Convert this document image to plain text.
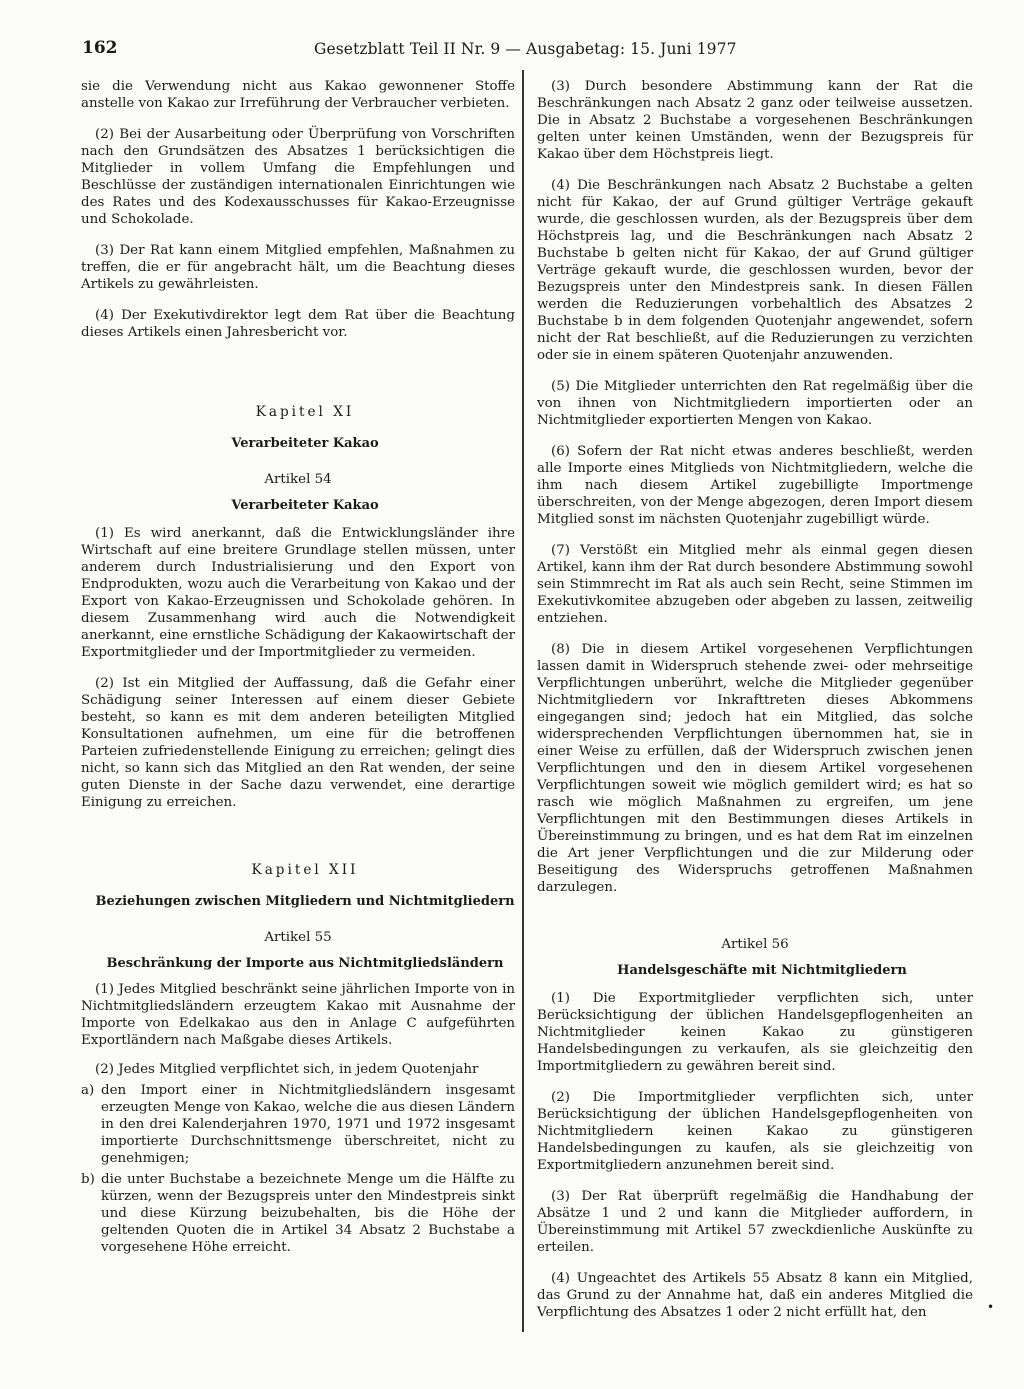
162	Gesetzblatt Teil II Nr. 9 — Ausgabetag: 15. Juni 1977

sie die Verwendung nicht aus Kakao gewonnener Stoffe anstelle von Kakao zur Irreführung der Verbraucher verbieten.

(2) Bei der Ausarbeitung oder Überprüfung von Vorschriften nach den Grundsätzen des Absatzes 1 berücksichtigen die Mitglieder in vollem Umfang die Empfehlungen und Beschlüsse der zuständigen internationalen Einrichtungen wie des Rates und des Kodexausschusses für Kakao-Erzeugnisse und Schokolade.

(3) Der Rat kann einem Mitglied empfehlen, Maßnahmen zu treffen, die er für angebracht hält, um die Beachtung dieses Artikels zu gewährleisten.

(4) Der Exekutivdirektor legt dem Rat über die Beachtung dieses Artikels einen Jahresbericht vor.

Kapitel XI

Verarbeiteter Kakao

Artikel 54

Verarbeiteter Kakao

(1) Es wird anerkannt, daß die Entwicklungsländer ihre Wirtschaft auf eine breitere Grundlage stellen müssen, unter anderem durch Industrialisierung und den Export von Endprodukten, wozu auch die Verarbeitung von Kakao und der Export von Kakao-Erzeugnissen und Schokolade gehören. In diesem Zusammenhang wird auch die Notwendigkeit anerkannt, eine ernstliche Schädigung der Kakaowirtschaft der Exportmitglieder und der Importmitglieder zu vermeiden.

(2) Ist ein Mitglied der Auffassung, daß die Gefahr einer Schädigung seiner Interessen auf einem dieser Gebiete besteht, so kann es mit dem anderen beteiligten Mitglied Konsultationen aufnehmen, um eine für die betroffenen Parteien zufriedenstellende Einigung zu erreichen; gelingt dies nicht, so kann sich das Mitglied an den Rat wenden, der seine guten Dienste in der Sache dazu verwendet, eine derartige Einigung zu erreichen.

Kapitel XII

Beziehungen zwischen Mitgliedern und Nichtmitgliedern

Artikel 55

Beschränkung der Importe aus Nichtmitgliedsländern

(1) Jedes Mitglied beschränkt seine jährlichen Importe von in Nichtmitgliedsländern erzeugtem Kakao mit Ausnahme der Importe von Edelkakao aus den in Anlage C aufgeführten Exportländern nach Maßgabe dieses Artikels.

(2) Jedes Mitglied verpflichtet sich, in jedem Quotenjahr

a) den Import einer in Nichtmitgliedsländern insgesamt erzeugten Menge von Kakao, welche die aus diesen Ländern in den drei Kalenderjahren 1970, 1971 und 1972 insgesamt importierte Durchschnittsmenge überschreitet, nicht zu genehmigen;
b) die unter Buchstabe a bezeichnete Menge um die Hälfte zu kürzen, wenn der Bezugspreis unter den Mindestpreis sinkt und diese Kürzung beizubehalten, bis die Höhe der geltenden Quoten die in Artikel 34 Absatz 2 Buchstabe a vorgesehene Höhe erreicht.

(3) Durch besondere Abstimmung kann der Rat die Beschränkungen nach Absatz 2 ganz oder teilweise aussetzen. Die in Absatz 2 Buchstabe a vorgesehenen Beschränkungen gelten unter keinen Umständen, wenn der Bezugspreis für Kakao über dem Höchstpreis liegt.

(4) Die Beschränkungen nach Absatz 2 Buchstabe a gelten nicht für Kakao, der auf Grund gültiger Verträge gekauft wurde, die geschlossen wurden, als der Bezugspreis über dem Höchstpreis lag, und die Beschränkungen nach Absatz 2 Buchstabe b gelten nicht für Kakao, der auf Grund gültiger Verträge gekauft wurde, die geschlossen wurden, bevor der Bezugspreis unter den Mindestpreis sank. In diesen Fällen werden die Reduzierungen vorbehaltlich des Absatzes 2 Buchstabe b in dem folgenden Quotenjahr angewendet, sofern nicht der Rat beschließt, auf die Reduzierungen zu verzichten oder sie in einem späteren Quotenjahr anzuwenden.

(5) Die Mitglieder unterrichten den Rat regelmäßig über die von ihnen von Nichtmitgliedern importierten oder an Nichtmitglieder exportierten Mengen von Kakao.

(6) Sofern der Rat nicht etwas anderes beschließt, werden alle Importe eines Mitglieds von Nichtmitgliedern, welche die ihm nach diesem Artikel zugebilligte Importmenge überschreiten, von der Menge abgezogen, deren Import diesem Mitglied sonst im nächsten Quotenjahr zugebilligt würde.

(7) Verstößt ein Mitglied mehr als einmal gegen diesen Artikel, kann ihm der Rat durch besondere Abstimmung sowohl sein Stimmrecht im Rat als auch sein Recht, seine Stimmen im Exekutivkomitee abzugeben oder abgeben zu lassen, zeitweilig entziehen.

(8) Die in diesem Artikel vorgesehenen Verpflichtungen lassen damit in Widerspruch stehende zwei- oder mehrseitige Verpflichtungen unberührt, welche die Mitglieder gegenüber Nichtmitgliedern vor Inkrafttreten dieses Abkommens eingegangen sind; jedoch hat ein Mitglied, das solche widersprechenden Verpflichtungen übernommen hat, sie in einer Weise zu erfüllen, daß der Widerspruch zwischen jenen Verpflichtungen und den in diesem Artikel vorgesehenen Verpflichtungen soweit wie möglich gemildert wird; es hat so rasch wie möglich Maßnahmen zu ergreifen, um jene Verpflichtungen mit den Bestimmungen dieses Artikels in Übereinstimmung zu bringen, und es hat dem Rat im einzelnen die Art jener Verpflichtungen und die zur Milderung oder Beseitigung des Widerspruchs getroffenen Maßnahmen darzulegen.

Artikel 56

Handelsgeschäfte mit Nichtmitgliedern

(1) Die Exportmitglieder verpflichten sich, unter Berücksichtigung der üblichen Handelsgepflogenheiten an Nichtmitglieder keinen Kakao zu günstigeren Handelsbedingungen zu verkaufen, als sie gleichzeitig den Importmitgliedern zu gewähren bereit sind.

(2) Die Importmitglieder verpflichten sich, unter Berücksichtigung der üblichen Handelsgepflogenheiten von Nichtmitgliedern keinen Kakao zu günstigeren Handelsbedingungen zu kaufen, als sie gleichzeitig von Exportmitgliedern anzunehmen bereit sind.

(3) Der Rat überprüft regelmäßig die Handhabung der Absätze 1 und 2 und kann die Mitglieder auffordern, in Übereinstimmung mit Artikel 57 zweckdienliche Auskünfte zu erteilen.

(4) Ungeachtet des Artikels 55 Absatz 8 kann ein Mitglied, das Grund zu der Annahme hat, daß ein anderes Mitglied die Verpflichtung des Absatzes 1 oder 2 nicht erfüllt hat, den	•
